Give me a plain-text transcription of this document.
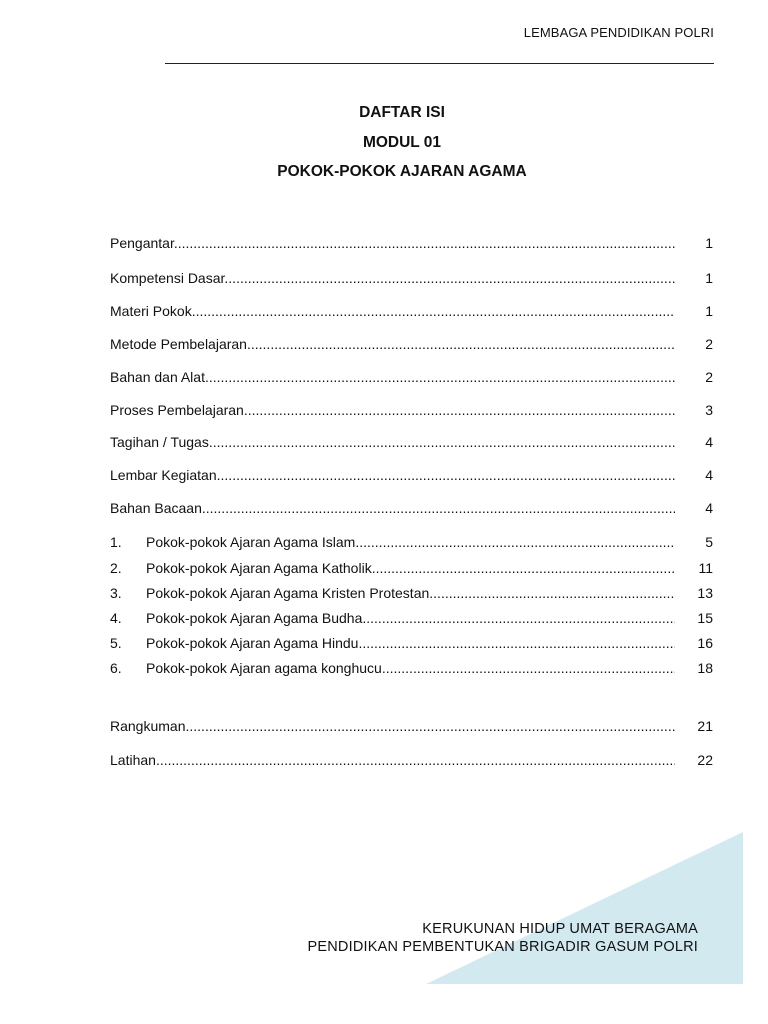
LEMBAGA PENDIDIKAN POLRI
DAFTAR ISI
MODUL 01
POKOK-POKOK AJARAN AGAMA
Pengantar .....	1
Kompetensi Dasar .....	1
Materi Pokok .....	1
Metode Pembelajaran .....	2
Bahan dan Alat .....	2
Proses Pembelajaran .....	3
Tagihan / Tugas .....	4
Lembar Kegiatan .....	4
Bahan Bacaan .....	4
1. Pokok-pokok Ajaran Agama Islam .....	5
2. Pokok-pokok Ajaran Agama Katholik .....	11
3. Pokok-pokok Ajaran Agama Kristen Protestan .....	13
4. Pokok-pokok Ajaran Agama Budha .....	15
5. Pokok-pokok Ajaran Agama Hindu .....	16
6. Pokok-pokok Ajaran agama konghucu .....	18
Rangkuman .....	21
Latihan .....	22
KERUKUNAN HIDUP UMAT BERAGAMA
PENDIDIKAN PEMBENTUKAN BRIGADIR GASUM POLRI
